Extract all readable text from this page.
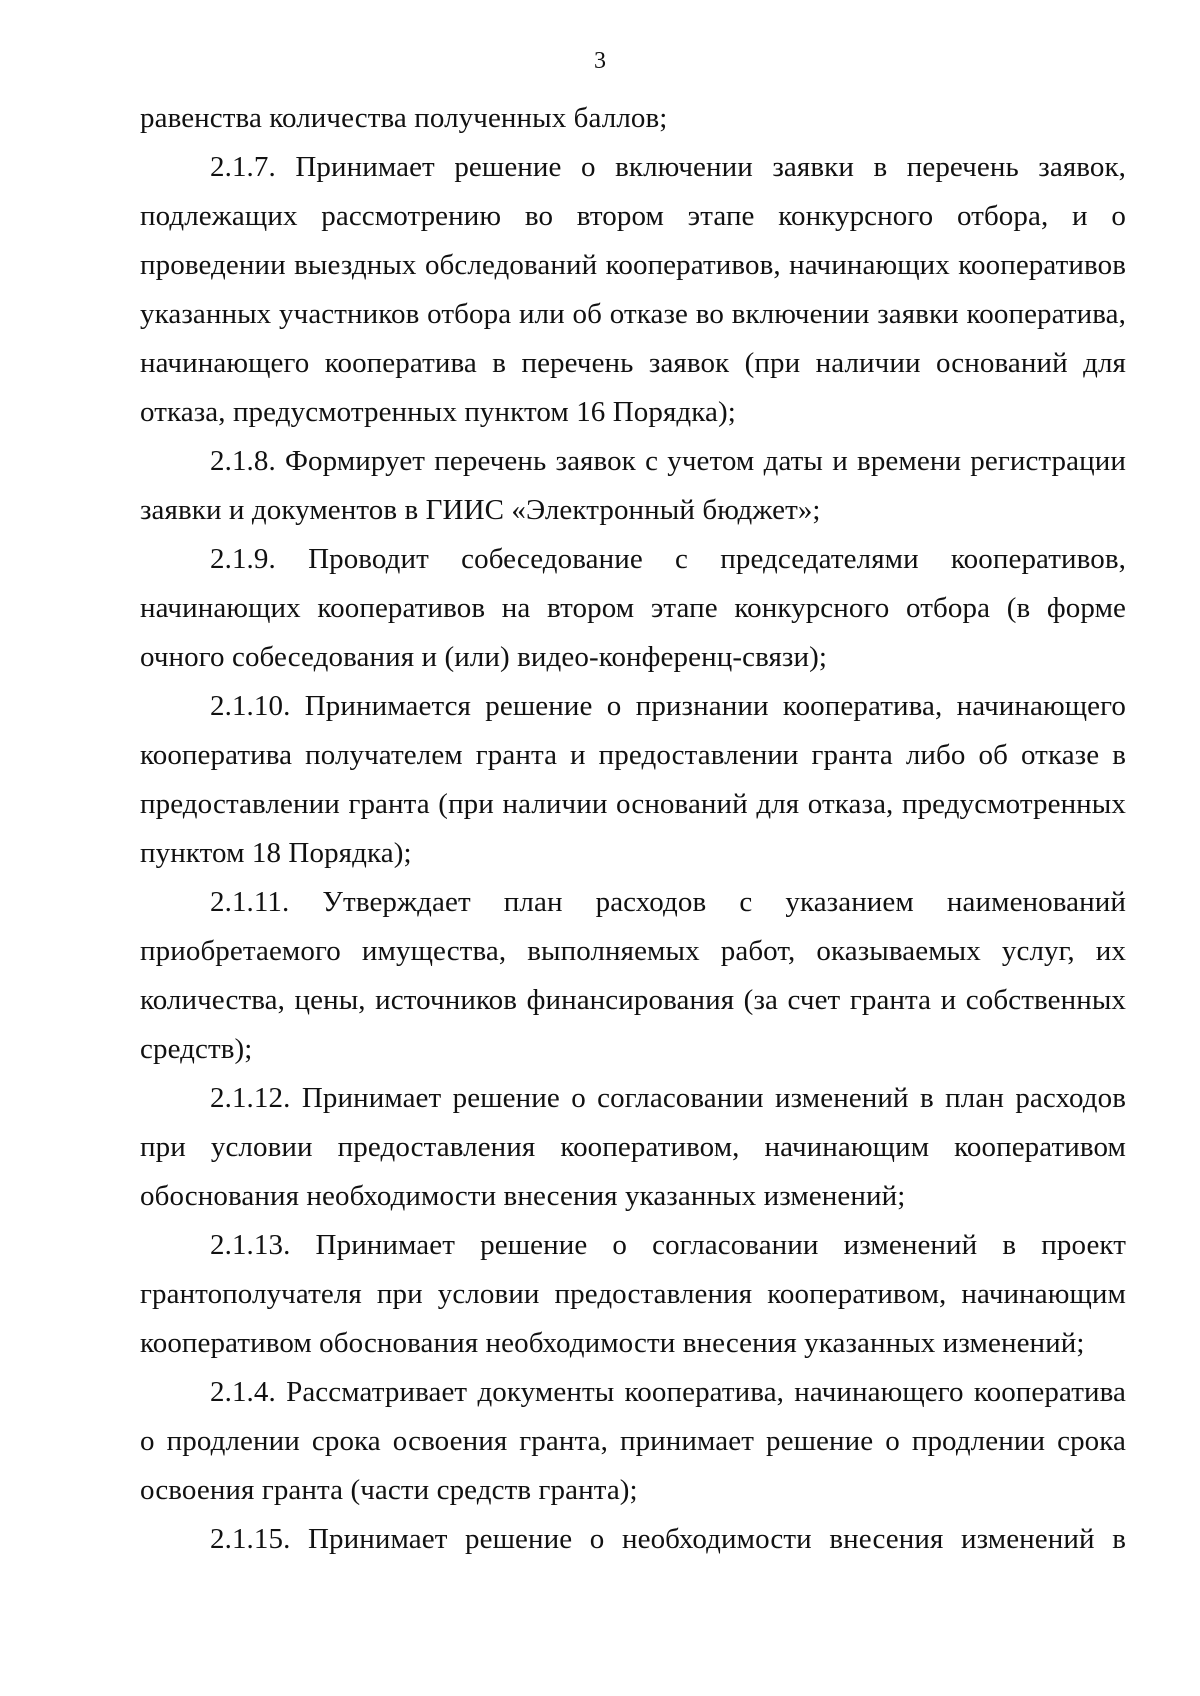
3

равенства количества полученных баллов;

2.1.7. Принимает решение о включении заявки в перечень заявок, подлежащих рассмотрению во втором этапе конкурсного отбора, и о проведении выездных обследований кооперативов, начинающих кооперативов указанных участников отбора или об отказе во включении заявки кооператива, начинающего кооператива в перечень заявок (при наличии оснований для отказа, предусмотренных пунктом 16 Порядка);

2.1.8. Формирует перечень заявок с учетом даты и времени регистрации заявки и документов в ГИИС «Электронный бюджет»;

2.1.9. Проводит собеседование с председателями кооперативов, начинающих кооперативов на втором этапе конкурсного отбора (в форме очного собеседования и (или) видео-конференц-связи);

2.1.10. Принимается решение о признании кооператива, начинающего кооператива получателем гранта и предоставлении гранта либо об отказе в предоставлении гранта (при наличии оснований для отказа, предусмотренных пунктом 18 Порядка);

2.1.11. Утверждает план расходов с указанием наименований приобретаемого имущества, выполняемых работ, оказываемых услуг, их количества, цены, источников финансирования (за счет гранта и собственных средств);

2.1.12. Принимает решение о согласовании изменений в план расходов при условии предоставления кооперативом, начинающим кооперативом обоснования необходимости внесения указанных изменений;

2.1.13. Принимает решение о согласовании изменений в проект грантополучателя при условии предоставления кооперативом, начинающим кооперативом обоснования необходимости внесения указанных изменений;

2.1.4. Рассматривает документы кооператива, начинающего кооператива о продлении срока освоения гранта, принимает решение о продлении срока освоения гранта (части средств гранта);

2.1.15. Принимает решение о необходимости внесения изменений в
